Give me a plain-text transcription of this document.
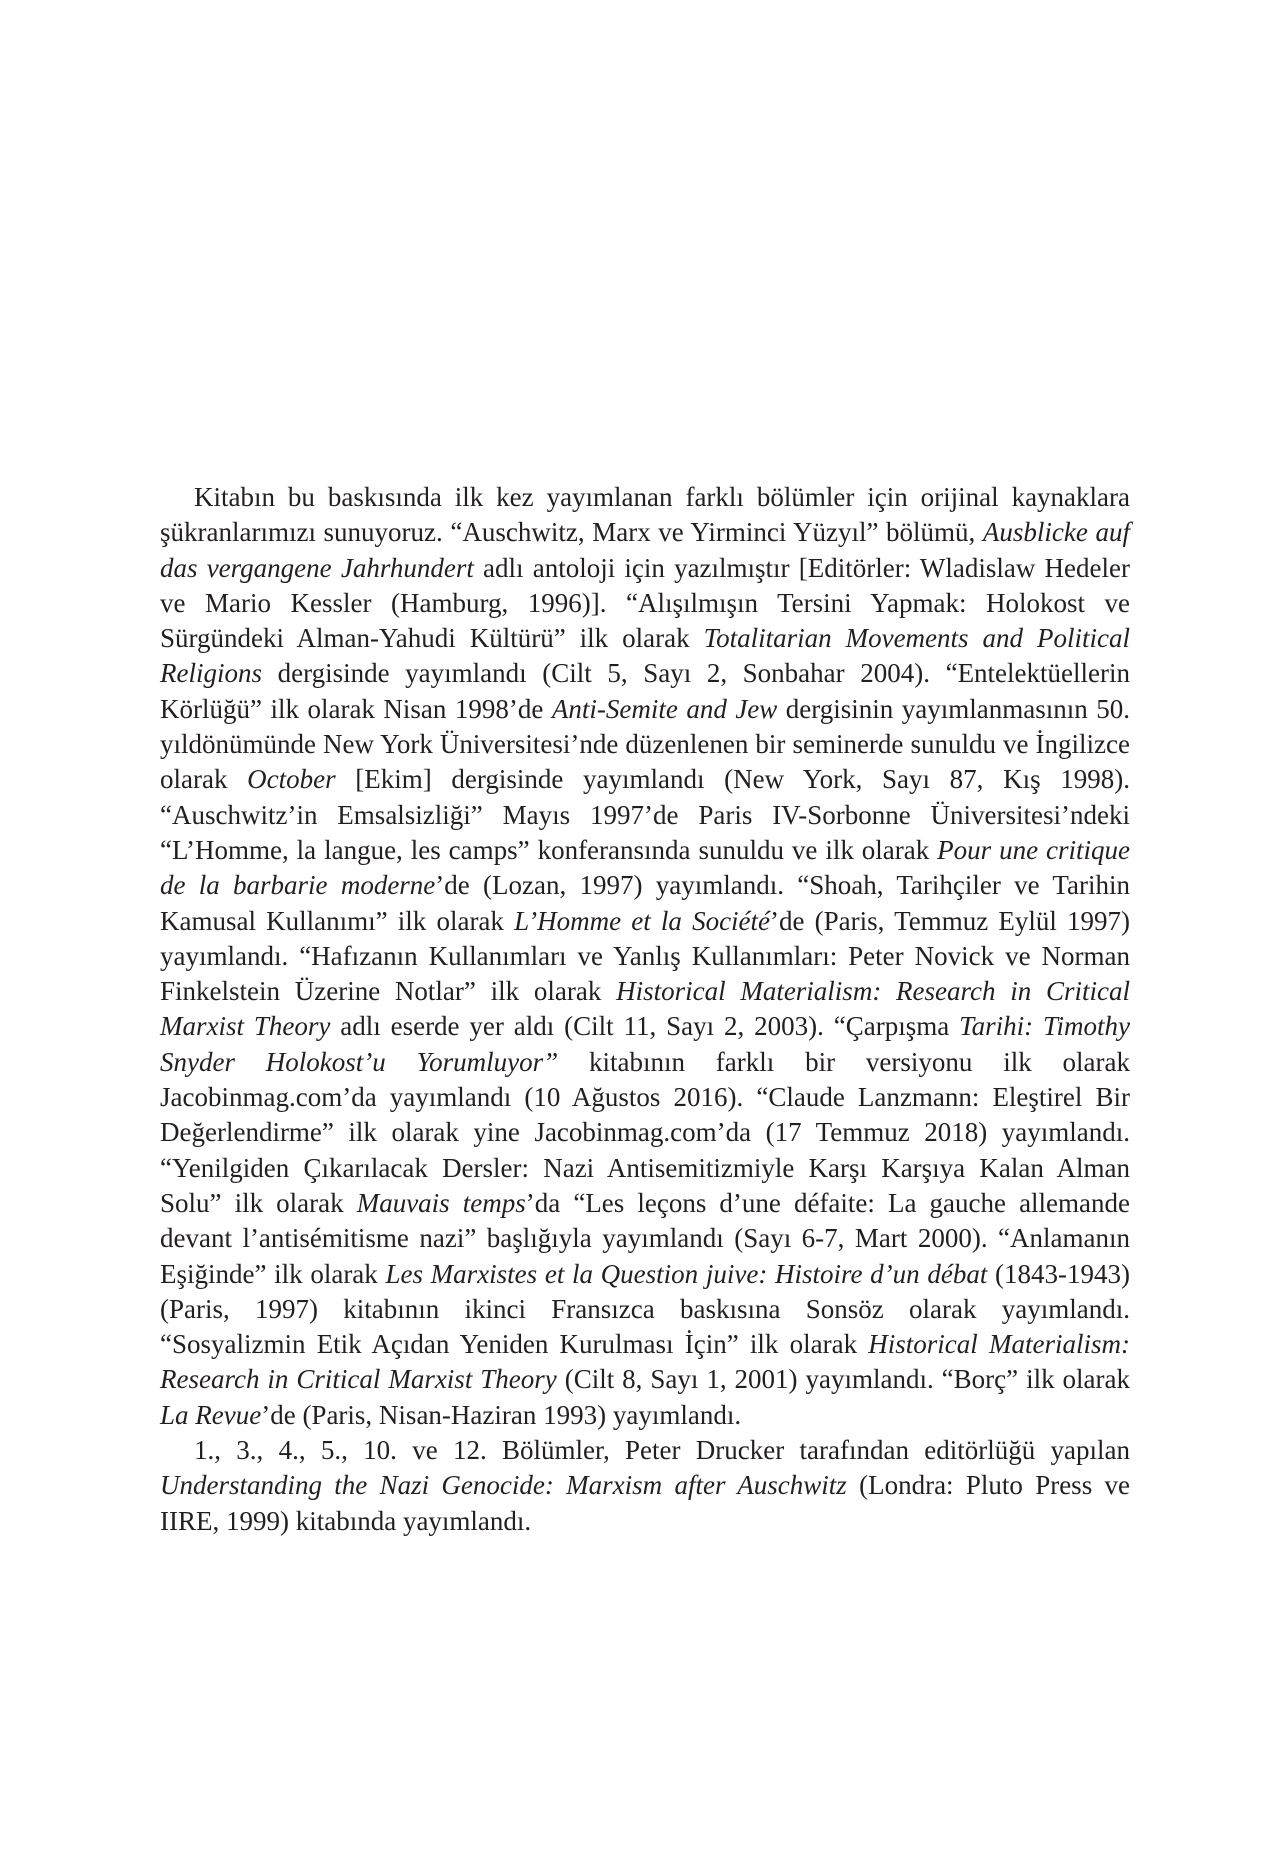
Kitabın bu baskısında ilk kez yayımlanan farklı bölümler için orijinal kaynaklara şükranlarımızı sunuyoruz. “Auschwitz, Marx ve Yirminci Yüzyıl” bölümü, Ausblicke auf das vergangene Jahrhundert adlı antoloji için yazılmıştır [Editörler: Wladislaw Hedeler ve Mario Kessler (Hamburg, 1996)]. “Alışılmışın Tersini Yapmak: Holokost ve Sürgündeki Alman-Yahudi Kültürü” ilk olarak Totalitarian Movements and Political Religions dergisinde yayımlandı (Cilt 5, Sayı 2, Sonbahar 2004). “Entelektüellerin Körlüğü” ilk olarak Nisan 1998’de Anti-Semite and Jew dergisinin yayımlanmasının 50. yıldönümünde New York Üniversitesi’nde düzenlenen bir seminerde sunuldu ve İngilizce olarak October [Ekim] dergisinde yayımlandı (New York, Sayı 87, Kış 1998). “Auschwitz’in Emsalsizliği” Mayıs 1997’de Paris IV-Sorbonne Üniversitesi’ndeki “L’Homme, la langue, les camps” konferansında sunuldu ve ilk olarak Pour une critique de la barbarie moderne’de (Lozan, 1997) yayımlandı. “Shoah, Tarihçiler ve Tarihin Kamusal Kullanımı” ilk olarak L’Homme et la Société’de (Paris, Temmuz Eylül 1997) yayımlandı. “Hafızanın Kullanımları ve Yanlış Kullanımları: Peter Novick ve Norman Finkelstein Üzerine Notlar” ilk olarak Historical Materialism: Research in Critical Marxist Theory adlı eserde yer aldı (Cilt 11, Sayı 2, 2003). “Çarpışma Tarihi: Timothy Snyder Holokost’u Yorumluyor” kitabının farklı bir versiyonu ilk olarak Jacobinmag.com’da yayımlandı (10 Ağustos 2016). “Claude Lanzmann: Eleştirel Bir Değerlendirme” ilk olarak yine Jacobinmag.com’da (17 Temmuz 2018) yayımlandı. “Yenilgiden Çıkarılacak Dersler: Nazi Antisemitizmiyle Karşı Karşıya Kalan Alman Solu” ilk olarak Mauvais temps’da “Les leçons d’une défaite: La gauche allemande devant l’antisémitisme nazi” başlığıyla yayımlandı (Sayı 6-7, Mart 2000). “Anlamanın Eşiğinde” ilk olarak Les Marxistes et la Question juive: Histoire d’un débat (1843-1943) (Paris, 1997) kitabının ikinci Fransızca baskısına Sonsöz olarak yayımlandı. “Sosyalizmin Etik Açıdan Yeniden Kurulması İçin” ilk olarak Historical Materialism: Research in Critical Marxist Theory (Cilt 8, Sayı 1, 2001) yayımlandı. “Borç” ilk olarak La Revue’de (Paris, Nisan-Haziran 1993) yayımlandı.

1., 3., 4., 5., 10. ve 12. Bölümler, Peter Drucker tarafından editörlüğü yapılan Understanding the Nazi Genocide: Marxism after Auschwitz (Londra: Pluto Press ve IIRE, 1999) kitabında yayımlandı.
